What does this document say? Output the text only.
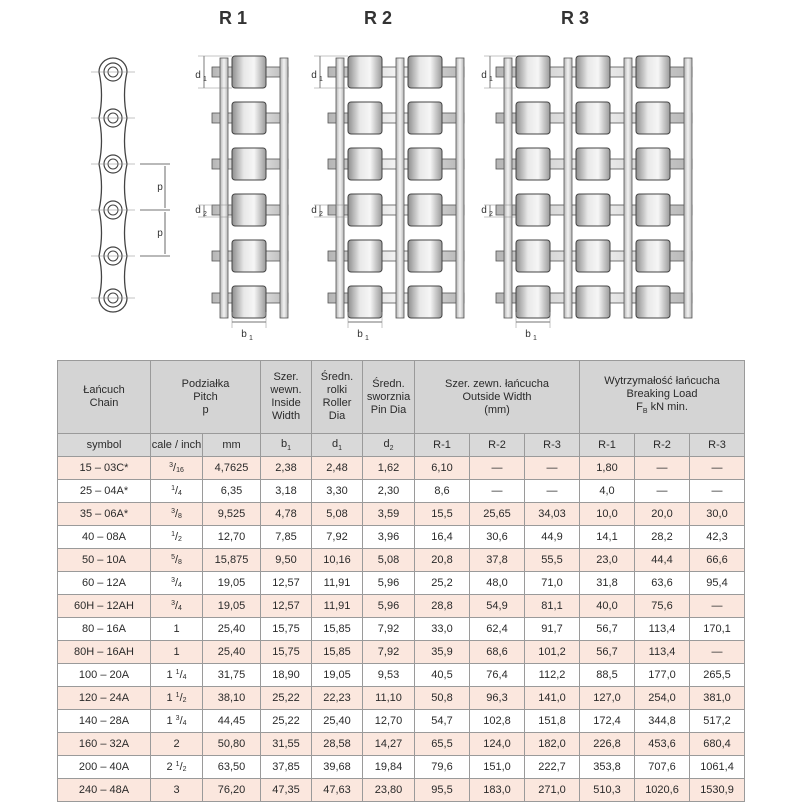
R 1	R 2	R 3
p
p
d 1
d 2
b 1
d 1
d 2
b 1
d 1
d 2
b 1
Łańcuch
Chain	Podziałka
Pitch
p		Szer.
wewn.
Inside
Width	Średn.
rolki
Roller
Dia	Średn.
sworznia
Pin Dia	Szer. zewn. łańcucha
Outside Width
(mm)			Wytrzymałość łańcucha
Breaking Load
$F_B$ kN min.		

symbol	cale / inch	mm	$b_1$	$d_1$	$d_2$	R-1	R-2	R-3	R-1	R-2	R-3
15 – 03C*	$^3/_{16}$	4,7625	2,38	2,48	1,62	6,10	—	—	1,80	—	—
25 – 04A*	$^1/_4$	6,35	3,18	3,30	2,30	8,6	—	—	4,0	—	—
35 – 06A*	$^3/_8$	9,525	4,78	5,08	3,59	15,5	25,65	34,03	10,0	20,0	30,0
40 – 08A	$^1/_2$	12,70	7,85	7,92	3,96	16,4	30,6	44,9	14,1	28,2	42,3
50 – 10A	$^5/_8$	15,875	9,50	10,16	5,08	20,8	37,8	55,5	23,0	44,4	66,6
60 – 12A	$^3/_4$	19,05	12,57	11,91	5,96	25,2	48,0	71,0	31,8	63,6	95,4
60H – 12AH	$^3/_4$	19,05	12,57	11,91	5,96	28,8	54,9	81,1	40,0	75,6	—
80 – 16A	1	25,40	15,75	15,85	7,92	33,0	62,4	91,7	56,7	113,4	170,1
80H – 16AH	1	25,40	15,75	15,85	7,92	35,9	68,6	101,2	56,7	113,4	—
100 – 20A	1 $^1/_4$	31,75	18,90	19,05	9,53	40,5	76,4	112,2	88,5	177,0	265,5
120 – 24A	1 $^1/_2$	38,10	25,22	22,23	11,10	50,8	96,3	141,0	127,0	254,0	381,0
140 – 28A	1 $^3/_4$	44,45	25,22	25,40	12,70	54,7	102,8	151,8	172,4	344,8	517,2
160 – 32A	2	50,80	31,55	28,58	14,27	65,5	124,0	182,0	226,8	453,6	680,4
200 – 40A	2 $^1/_2$	63,50	37,85	39,68	19,84	79,6	151,0	222,7	353,8	707,6	1061,4
240 – 48A	3	76,20	47,35	47,63	23,80	95,5	183,0	271,0	510,3	1020,6	1530,9
